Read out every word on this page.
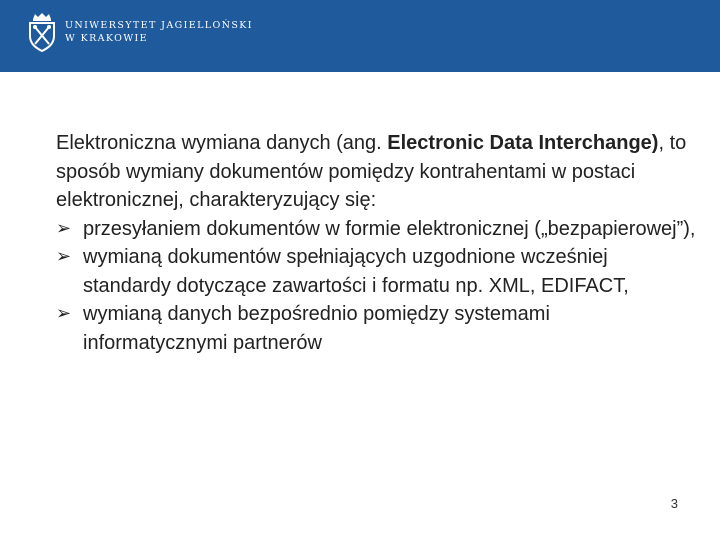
UNIWERSYTET JAGIELLOŃSKI
W KRAKOWIE

Elektroniczna wymiana danych (ang. Electronic Data Interchange), to sposób wymiany dokumentów pomiędzy kontrahentami w postaci elektronicznej, charakteryzujący się:

➢ przesyłaniem dokumentów w formie elektronicznej („bezpapierowej”),
➢ wymianą dokumentów spełniających uzgodnione wcześniej standardy dotyczące zawartości i formatu np. XML, EDIFACT,
➢ wymianą danych bezpośrednio pomiędzy systemami informatycznymi partnerów
3
